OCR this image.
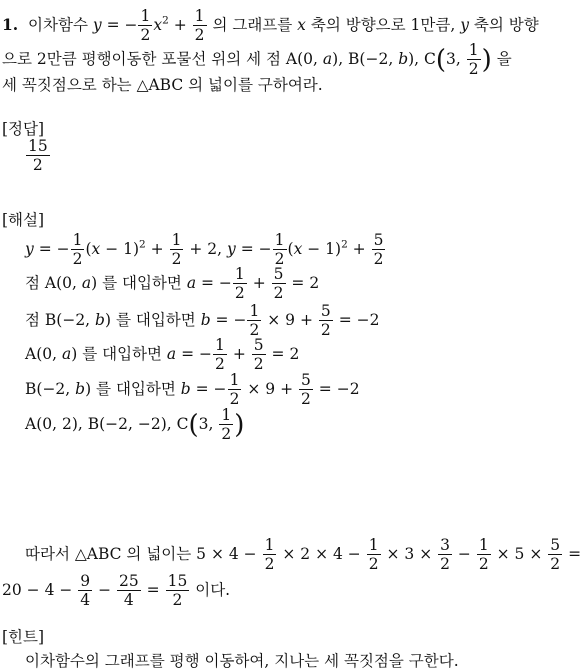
1.  이차함수 y = − $\frac{1}{2} x^2 + \frac{1}{2}$ 의 그래프를 x 축의 방향으로 1만큼, y 축의 방향
으로 2만큼 평행이동한 포물선 위의 세 점 A(0, a), B(−2, b), C(3, $\frac{1}{2}$ ) 을
세 꼭짓점으로 하는 △ABC 의 넓이를 구하여라.
[정답]
$\frac{15}{2}$
[해설]
y = − $\frac{1}{2} (x - 1)^2 + \frac{1}{2} + 2$, y = − $\frac{1}{2} (x - 1)^2 + \frac{5}{2}$
점 A(0, a) 를 대입하면 a = − $\frac{1}{2} + \frac{5}{2} = 2$
점 B(−2, b) 를 대입하면 b = − $\frac{1}{2} \times 9 + \frac{5}{2} = -2$
A(0, a) 를 대입하면 a = − $\frac{1}{2} + \frac{5}{2} = 2$
B(−2, b) 를 대입하면 b = − $\frac{1}{2} \times 9 + \frac{5}{2} = -2$
A(0, 2), B(−2, −2), C(3, $\frac{1}{2}$ )
따라서 △ABC 의 넓이는 $5 \times 4 - \frac{1}{2} \times 2 \times 4 - \frac{1}{2} \times 3 \times \frac{3}{2} - \frac{1}{2} \times 5 \times \frac{5}{2}$ =
$20 - 4 - \frac{9}{4} - \frac{25}{4} = \frac{15}{2}$ 이다.
[힌트]
이차함수의 그래프를 평행 이동하여, 지나는 세 꼭짓점을 구한다.
